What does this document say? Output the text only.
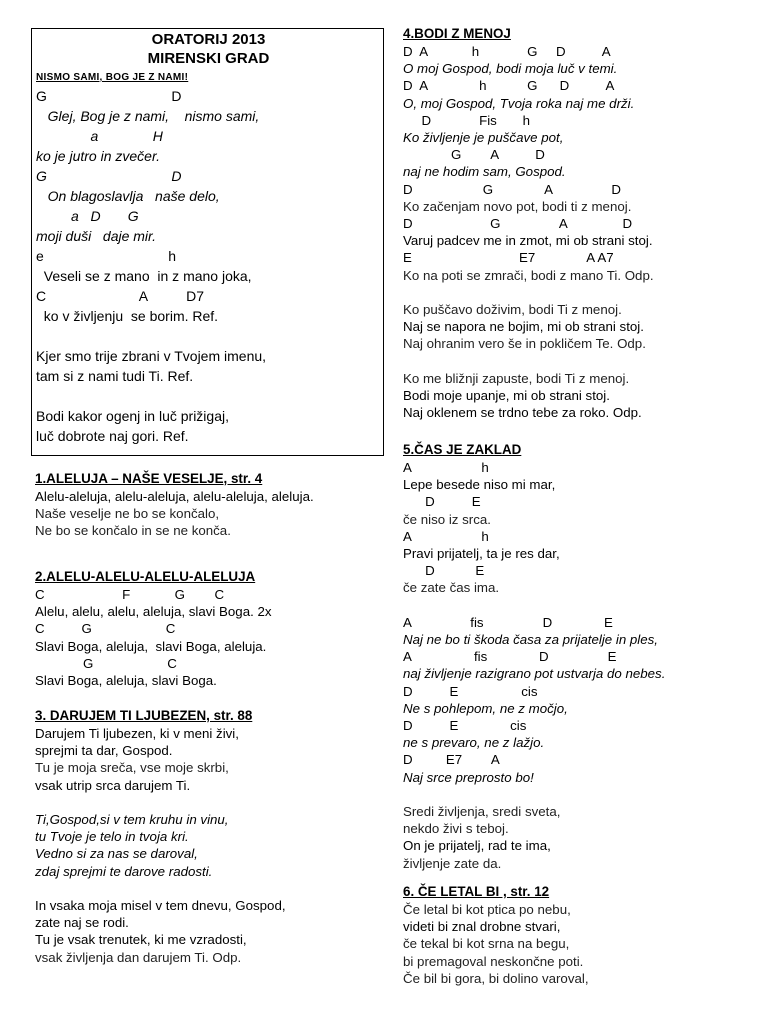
ORATORIJ 2013
MIRENSKI GRAD
NISMO SAMI, BOG JE Z NAMI!
G                                D
Glej, Bog je z nami,    nismo sami,
a              H
ko je jutro in zvečer.
G                                D
On blagoslavlja   naše delo,
a   D       G
moji duši   daje mir.
e                                h
Veseli se z mano  in z mano joka,
C                        A          D7
ko v življenju  se borim. Ref.

Kjer smo trije zbrani v Tvojem imenu,
tam si z nami tudi Ti. Ref.

Bodi kakor ogenj in luč prižigaj,
luč dobrote naj gori. Ref.
1.ALELUJA – NAŠE VESELJE, str. 4
Alelu-aleluja, alelu-aleluja, alelu-aleluja, aleluja.
Naše veselje ne bo se končalo,
Ne bo se končalo in se ne konča.
2.ALELU-ALELU-ALELU-ALELUJA
C                     F            G        C
Alelu, alelu, alelu, aleluja, slavi Boga. 2x
C          G                    C
Slavi Boga, aleluja,  slavi Boga, aleluja.
G                    C
Slavi Boga, aleluja, slavi Boga.
3. DARUJEM TI LJUBEZEN, str. 88
Darujem Ti ljubezen, ki v meni živi,
sprejmi ta dar, Gospod.
Tu je moja sreča, vse moje skrbi,
vsak utrip srca darujem Ti.

Ti,Gospod,si v tem kruhu in vinu,
tu Tvoje je telo in tvoja kri.
Vedno si za nas se daroval,
zdaj sprejmi te darove radosti.

In vsaka moja misel v tem dnevu, Gospod,
zate naj se rodi.
Tu je vsak trenutek, ki me vzradosti,
vsak življenja dan darujem Ti. Odp.
4.BODI Z MENOJ
D  A            h             G     D          A
O moj Gospod, bodi moja luč v temi.
D  A              h           G      D          A
O, moj Gospod, Tvoja roka naj me drži.
D             Fis       h
Ko življenje je puščave pot,
G        A          D
naj ne hodim sam, Gospod.
D                   G              A                D
Ko začenjam novo pot, bodi ti z menoj.
D                     G                A               D
Varuj padcev me in zmot, mi ob strani stoj.
E                             E7              A A7
Ko na poti se zmrači, bodi z mano Ti. Odp.

Ko puščavo doživim, bodi Ti z menoj.
Naj se napora ne bojim, mi ob strani stoj.
Naj ohranim vero še in pokličem Te. Odp.

Ko me bližnji zapuste, bodi Ti z menoj.
Bodi moje upanje, mi ob strani stoj.
Naj oklenem se trdno tebe za roko. Odp.
5.ČAS JE ZAKLAD
A                   h
Lepe besede niso mi mar,
D          E
če niso iz srca.
A                   h
Pravi prijatelj, ta je res dar,
D           E
če zate čas ima.

A                fis                D              E
Naj ne bo ti škoda časa za prijatelje in ples,
A                 fis              D                E
naj življenje razigrano pot ustvarja do nebes.
D          E                 cis
Ne s pohlepom, ne z močjo,
D          E              cis
ne s prevaro, ne z lažjo.
D         E7        A
Naj srce preprosto bo!

Sredi življenja, sredi sveta,
nekdo živi s teboj.
On je prijatelj, rad te ima,
življenje zate da.
6. ČE LETAL BI , str. 12
Če letal bi kot ptica po nebu,
videti bi znal drobne stvari,
če tekal bi kot srna na begu,
bi premagoval neskončne poti.
Če bil bi gora, bi dolino varoval,
